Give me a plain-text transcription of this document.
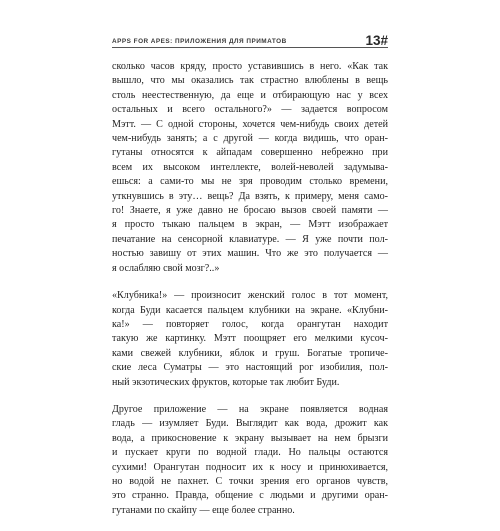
APPS FOR APES: ПРИЛОЖЕНИЯ ДЛЯ ПРИМАТОВ	13#

сколько часов кряду, просто уставившись в него. «Как так
вышло, что мы оказались так страстно влюблены в вещь
столь неестественную, да еще и отбирающую нас у всех
остальных и всего остального?» — задается вопросом
Мэтт. — С одной стороны, хочется чем-нибудь своих детей
чем-нибудь занять; а с другой — когда видишь, что оран-
гутаны относятся к айпадам совершенно небрежно при
всем их высоком интеллекте, волей-неволей задумыва-
ешься: а сами-то мы не зря проводим столько времени,
уткнувшись в эту… вещь? Да взять, к примеру, меня само-
го! Знаете, я уже давно не бросаю вызов своей памяти —
я просто тыкаю пальцем в экран, — Мэтт изображает
печатание на сенсорной клавиатуре. — Я уже почти пол-
ностью завишу от этих машин. Что же это получается —
я ослабляю свой мозг?..»

«Клубника!» — произносит женский голос в тот момент,
когда Буди касается пальцем клубники на экране. «Клубни-
ка!» — повторяет голос, когда орангутан находит
такую же картинку. Мэтт поощряет его мелкими кусоч-
ками свежей клубники, яблок и груш. Богатые тропиче-
ские леса Суматры — это настоящий рог изобилия, пол-
ный экзотических фруктов, которые так любит Буди.

Другое приложение — на экране появляется водная
гладь — изумляет Буди. Выглядит как вода, дрожит как
вода, а прикосновение к экрану вызывает на нем брызги
и пускает круги по водной глади. Но пальцы остаются
сухими! Орангутан подносит их к носу и принюхивается,
но водой не пахнет. С точки зрения его органов чувств,
это странно. Правда, общение с людьми и другими оран-
гутанами по скайпу — еще более странно.
